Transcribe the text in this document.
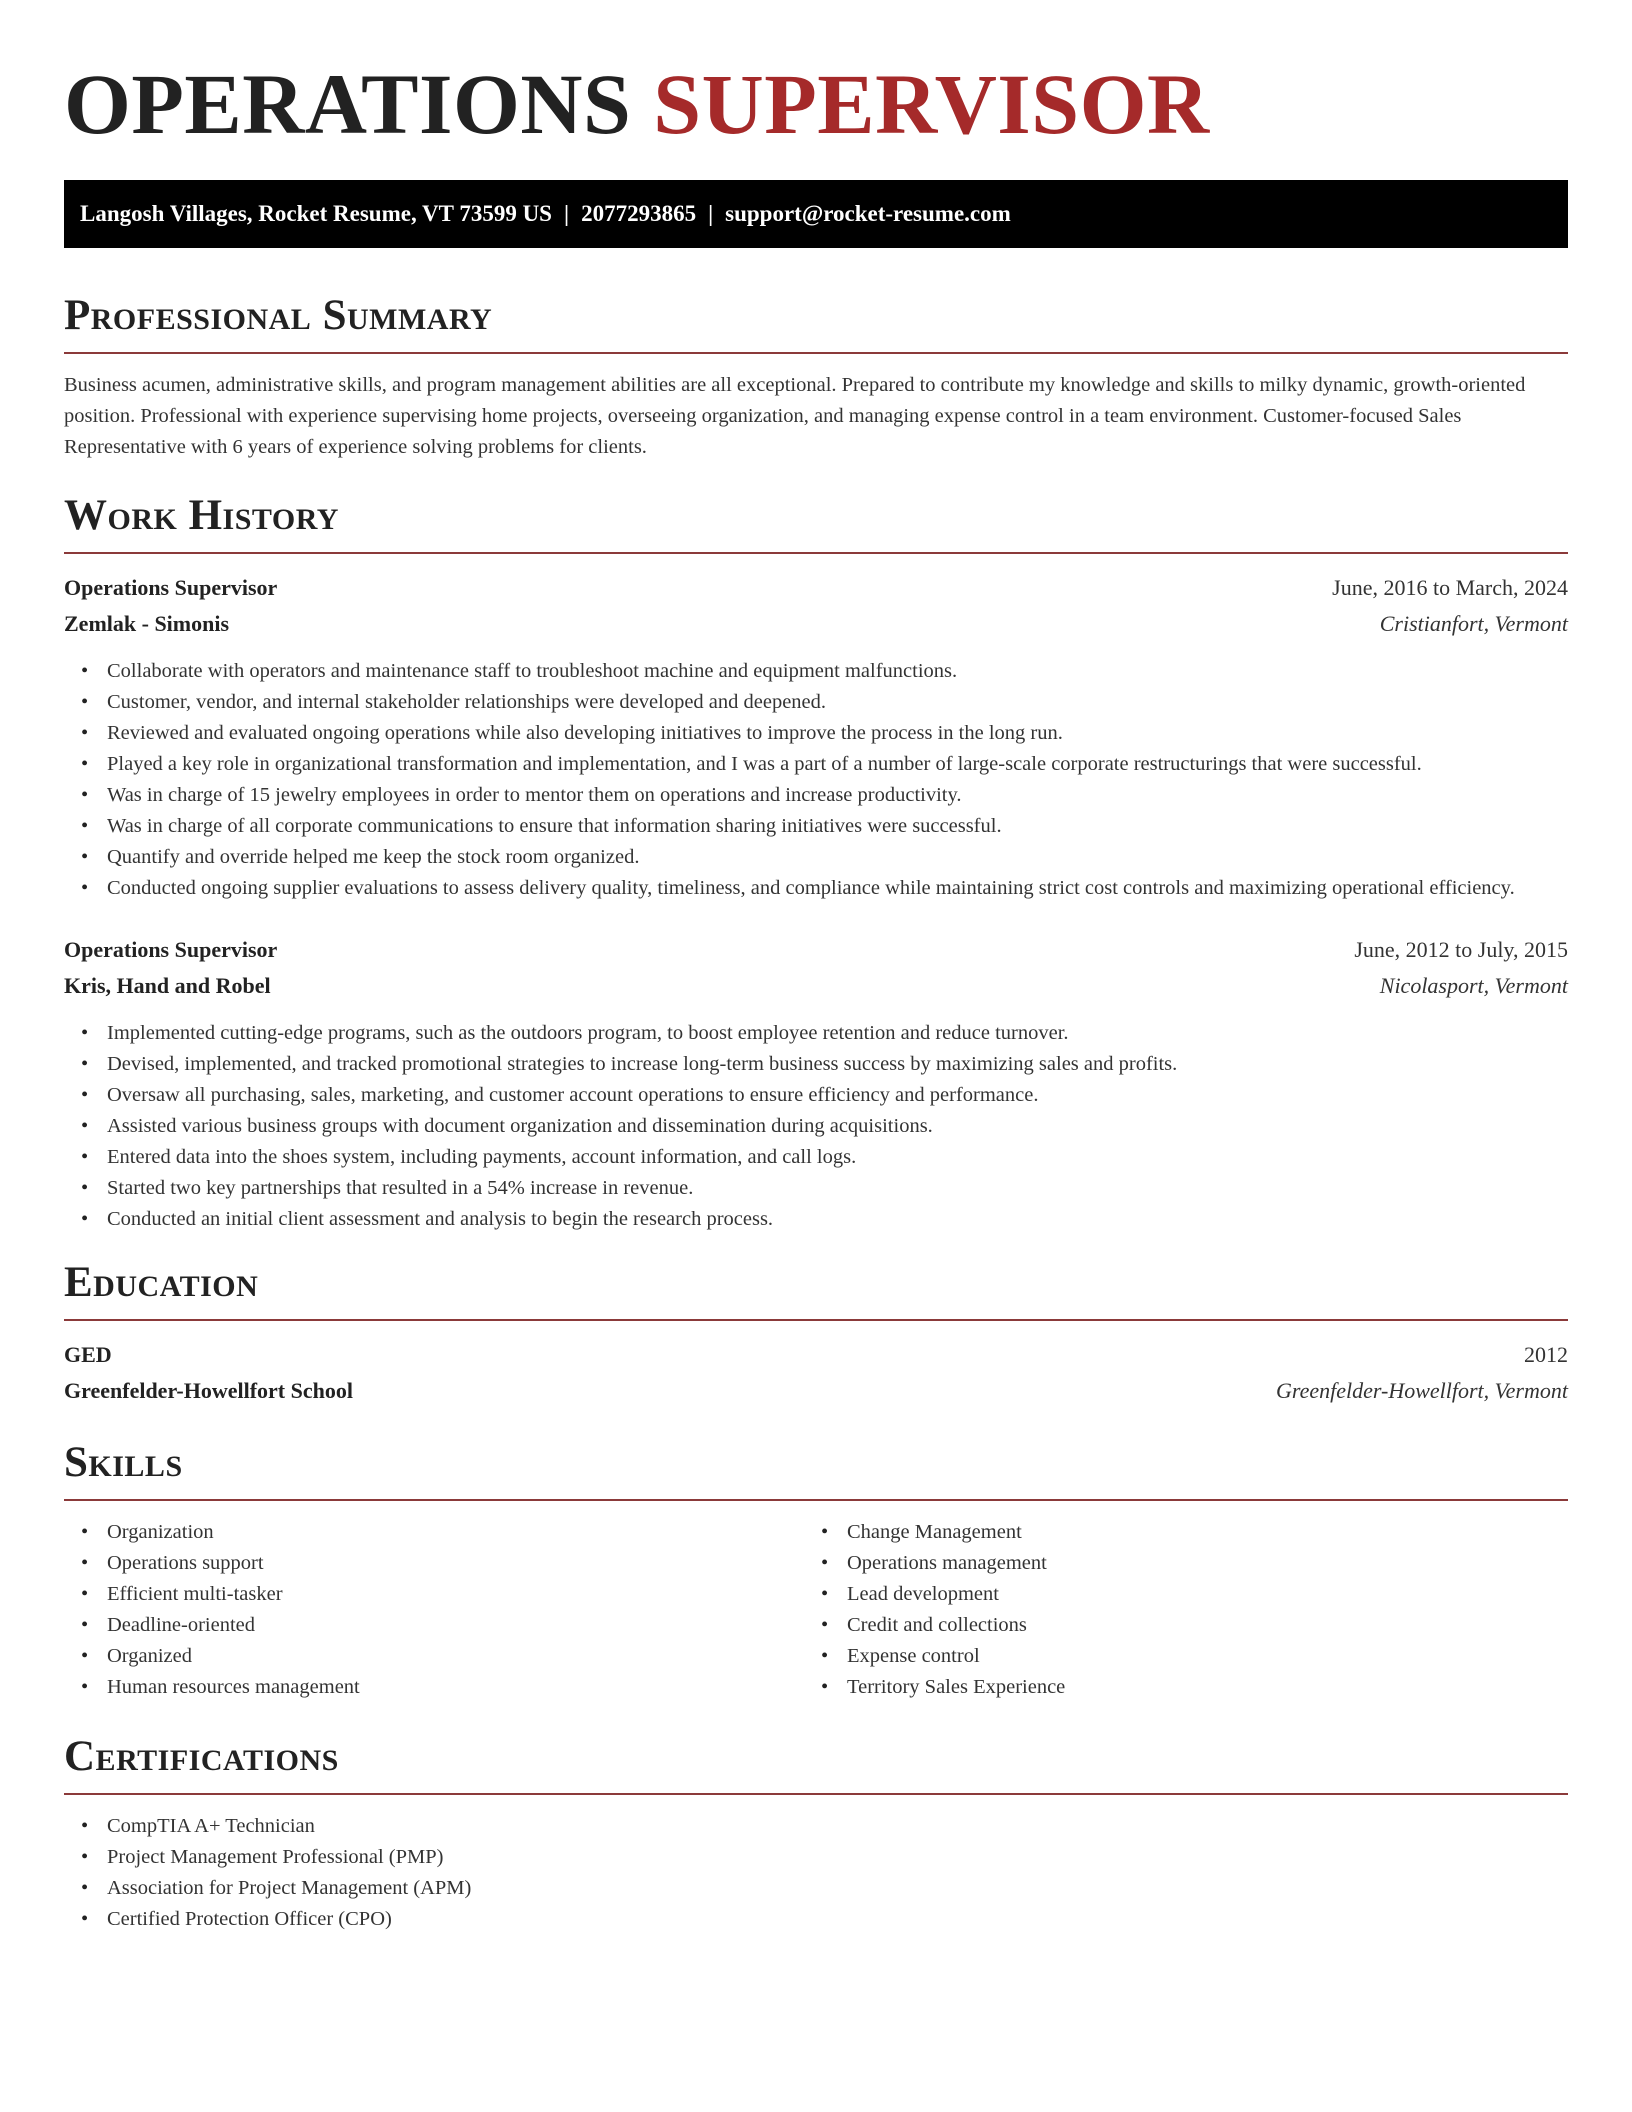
OPERATIONS SUPERVISOR
Langosh Villages, Rocket Resume, VT 73599 US | 2077293865 | support@rocket-resume.com
Professional Summary

Business acumen, administrative skills, and program management abilities are all exceptional. Prepared to contribute my knowledge and skills to milky dynamic, growth-oriented position. Professional with experience supervising home projects, overseeing organization, and managing expense control in a team environment. Customer-focused Sales Representative with 6 years of experience solving problems for clients.

Work History
Operations Supervisor	June, 2016 to March, 2024
Zemlak - Simonis	Cristianfort, Vermont
• Collaborate with operators and maintenance staff to troubleshoot machine and equipment malfunctions.
• Customer, vendor, and internal stakeholder relationships were developed and deepened.
• Reviewed and evaluated ongoing operations while also developing initiatives to improve the process in the long run.
• Played a key role in organizational transformation and implementation, and I was a part of a number of large-scale corporate restructurings that were successful.
• Was in charge of 15 jewelry employees in order to mentor them on operations and increase productivity.
• Was in charge of all corporate communications to ensure that information sharing initiatives were successful.
• Quantify and override helped me keep the stock room organized.
• Conducted ongoing supplier evaluations to assess delivery quality, timeliness, and compliance while maintaining strict cost controls and maximizing operational efficiency.
Operations Supervisor	June, 2012 to July, 2015
Kris, Hand and Robel	Nicolasport, Vermont
• Implemented cutting-edge programs, such as the outdoors program, to boost employee retention and reduce turnover.
• Devised, implemented, and tracked promotional strategies to increase long-term business success by maximizing sales and profits.
• Oversaw all purchasing, sales, marketing, and customer account operations to ensure efficiency and performance.
• Assisted various business groups with document organization and dissemination during acquisitions.
• Entered data into the shoes system, including payments, account information, and call logs.
• Started two key partnerships that resulted in a 54% increase in revenue.
• Conducted an initial client assessment and analysis to begin the research process.
Education
GED	2012
Greenfelder-Howellfort School	Greenfelder-Howellfort, Vermont
Skills
• Organization
• Operations support
• Efficient multi-tasker
• Deadline-oriented
• Organized
• Human resources management
• Change Management
• Operations management
• Lead development
• Credit and collections
• Expense control
• Territory Sales Experience
Certifications
• CompTIA A+ Technician
• Project Management Professional (PMP)
• Association for Project Management (APM)
• Certified Protection Officer (CPO)
